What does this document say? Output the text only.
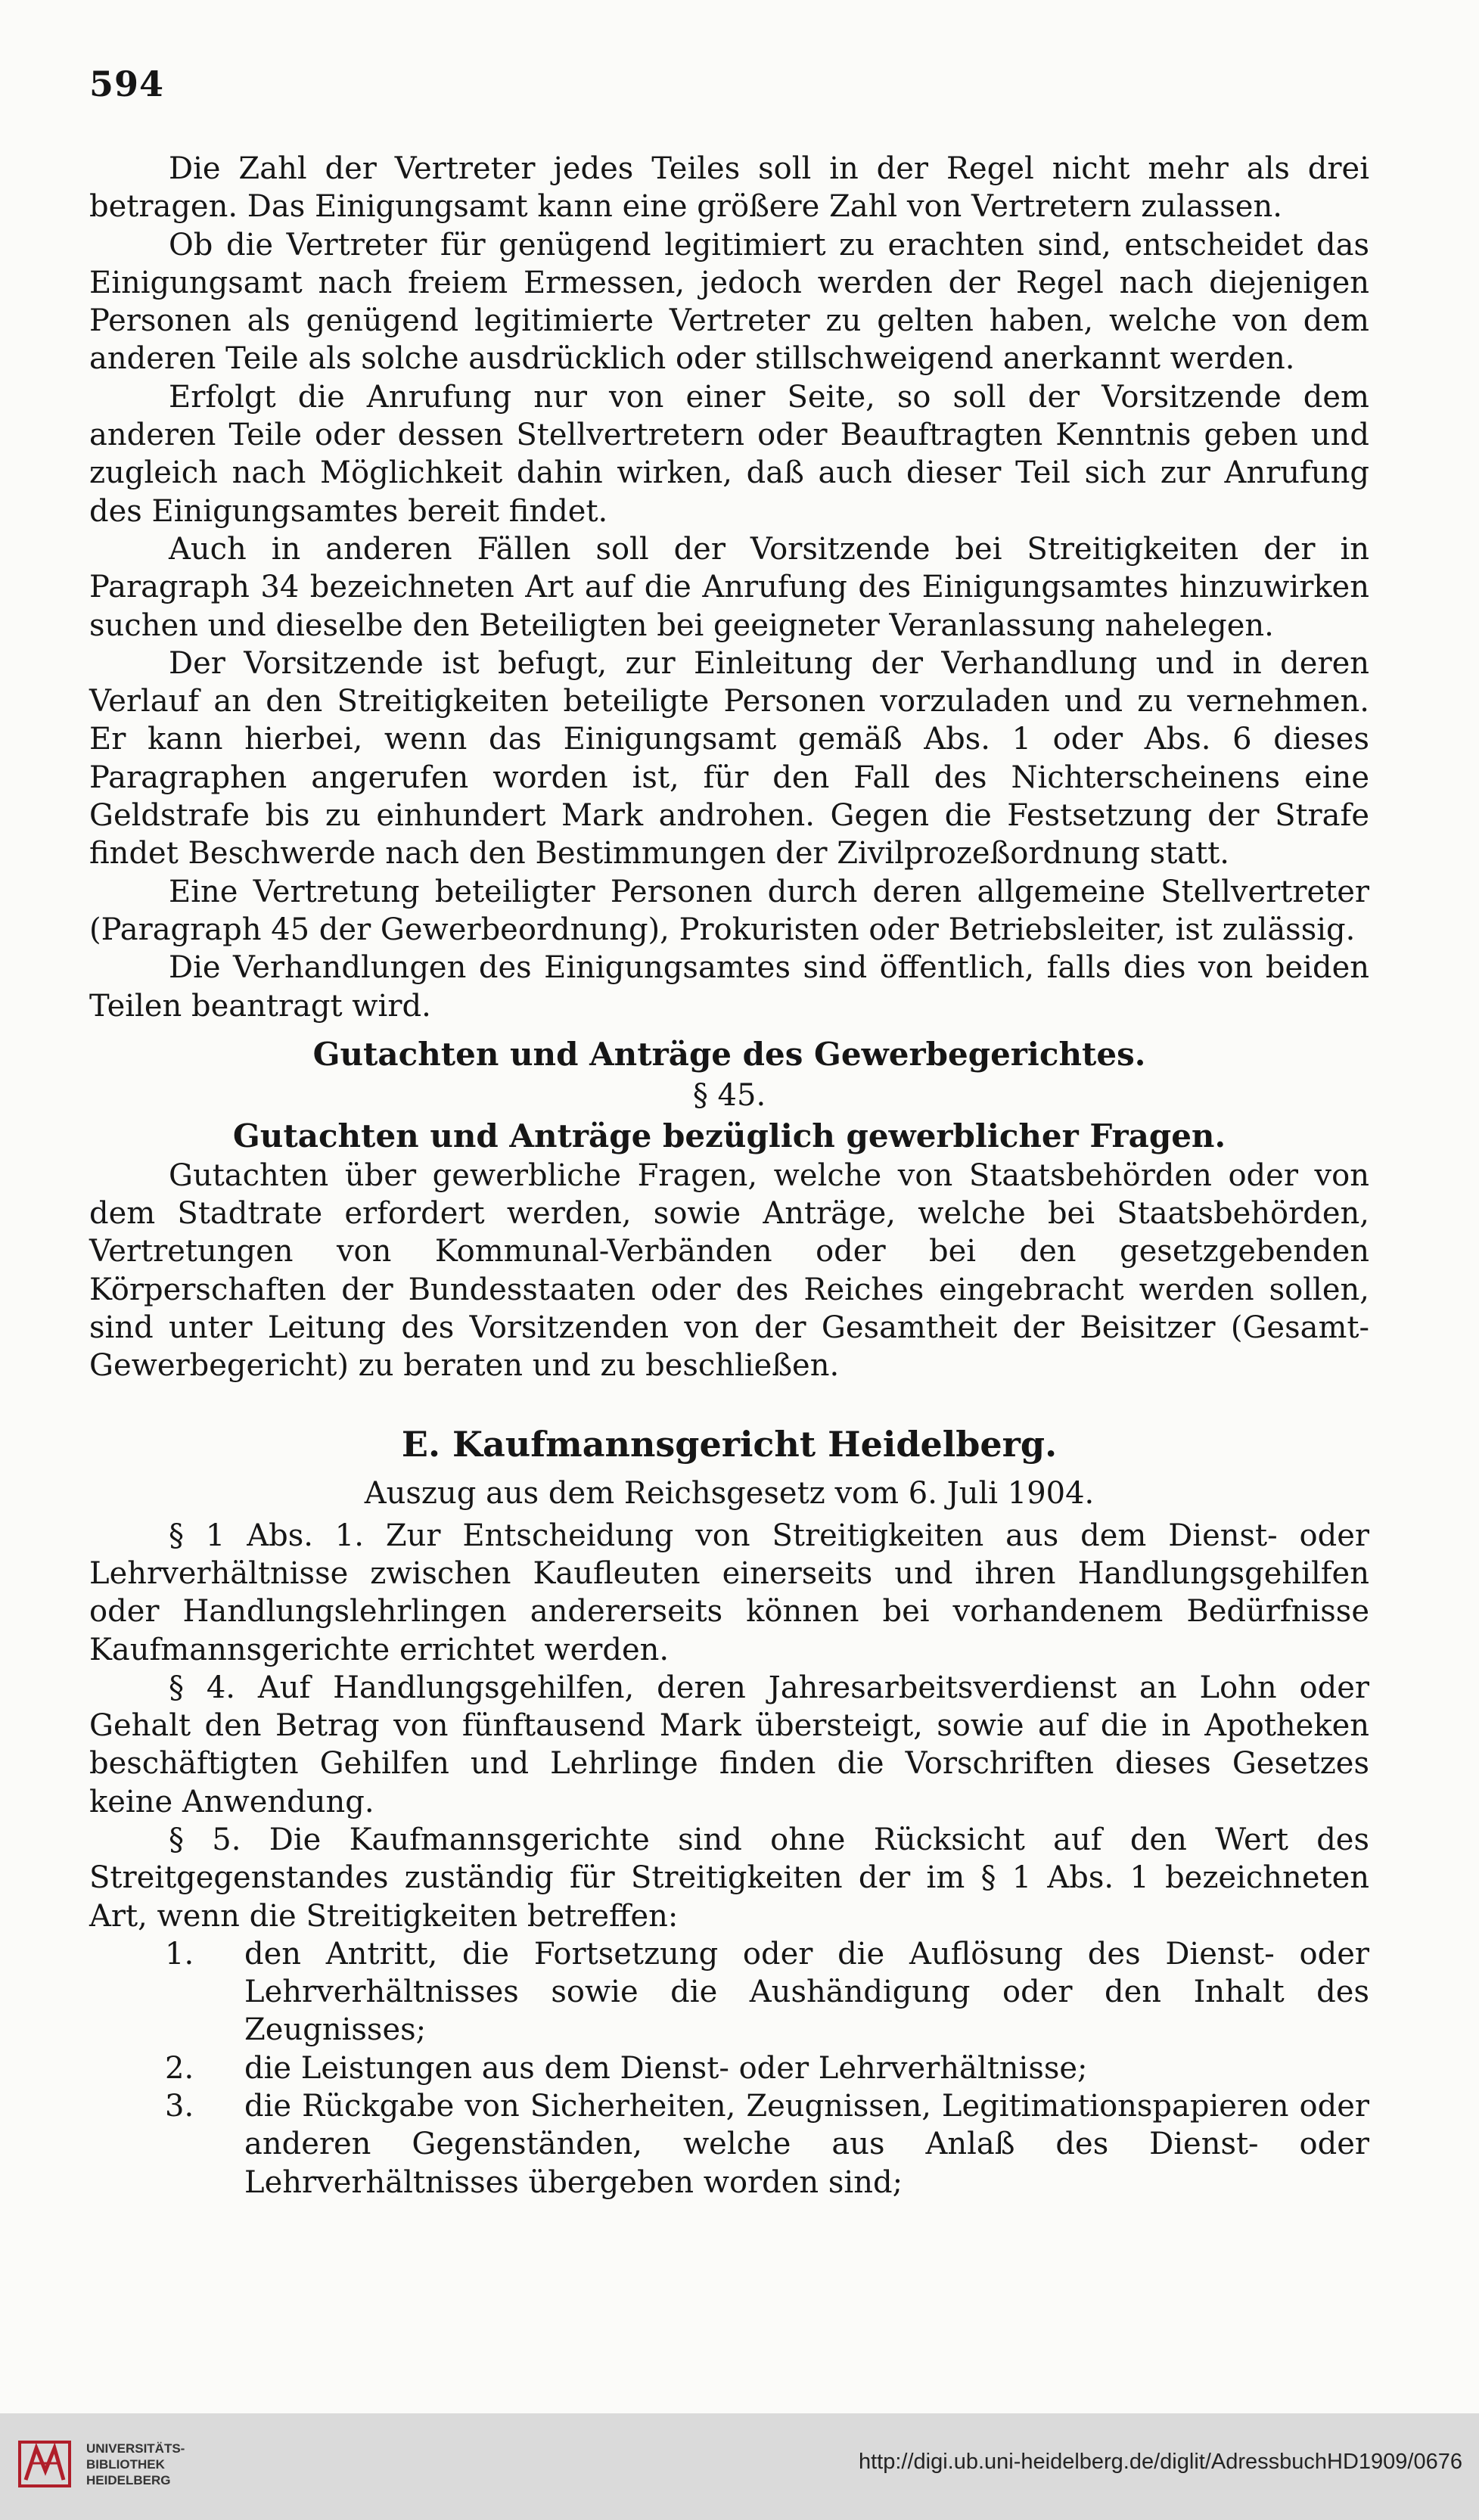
594

Die Zahl der Vertreter jedes Teiles soll in der Regel nicht mehr als drei betragen. Das Einigungsamt kann eine größere Zahl von Vertretern zulassen.

Ob die Vertreter für genügend legitimiert zu erachten sind, entscheidet das Einigungsamt nach freiem Ermessen, jedoch werden der Regel nach diejenigen Personen als genügend legitimierte Vertreter zu gelten haben, welche von dem anderen Teile als solche ausdrücklich oder stillschweigend anerkannt werden.

Erfolgt die Anrufung nur von einer Seite, so soll der Vorsitzende dem anderen Teile oder dessen Stellvertretern oder Beauftragten Kenntnis geben und zugleich nach Möglichkeit dahin wirken, daß auch dieser Teil sich zur Anrufung des Einigungsamtes bereit findet.

Auch in anderen Fällen soll der Vorsitzende bei Streitigkeiten der in Paragraph 34 bezeichneten Art auf die Anrufung des Einigungsamtes hinzuwirken suchen und dieselbe den Beteiligten bei geeigneter Veranlassung nahelegen.

Der Vorsitzende ist befugt, zur Einleitung der Verhandlung und in deren Verlauf an den Streitigkeiten beteiligte Personen vorzuladen und zu vernehmen. Er kann hierbei, wenn das Einigungsamt gemäß Abs. 1 oder Abs. 6 dieses Paragraphen angerufen worden ist, für den Fall des Nichterscheinens eine Geldstrafe bis zu einhundert Mark androhen. Gegen die Festsetzung der Strafe findet Beschwerde nach den Bestimmungen der Zivilprozeßordnung statt.

Eine Vertretung beteiligter Personen durch deren allgemeine Stellvertreter (Paragraph 45 der Gewerbeordnung), Prokuristen oder Betriebsleiter, ist zulässig.

Die Verhandlungen des Einigungsamtes sind öffentlich, falls dies von beiden Teilen beantragt wird.

Gutachten und Anträge des Gewerbegerichtes.

§ 45.

Gutachten und Anträge bezüglich gewerblicher Fragen.

Gutachten über gewerbliche Fragen, welche von Staatsbehörden oder von dem Stadtrate erfordert werden, sowie Anträge, welche bei Staatsbehörden, Vertretungen von Kommunal-Verbänden oder bei den gesetzgebenden Körperschaften der Bundesstaaten oder des Reiches eingebracht werden sollen, sind unter Leitung des Vorsitzenden von der Gesamtheit der Beisitzer (Gesamt-Gewerbegericht) zu beraten und zu beschließen.

E. Kaufmannsgericht Heidelberg.

Auszug aus dem Reichsgesetz vom 6. Juli 1904.

§ 1 Abs. 1. Zur Entscheidung von Streitigkeiten aus dem Dienst- oder Lehrverhältnisse zwischen Kaufleuten einerseits und ihren Handlungsgehilfen oder Handlungslehrlingen andererseits können bei vorhandenem Bedürfnisse Kaufmannsgerichte errichtet werden.

§ 4. Auf Handlungsgehilfen, deren Jahresarbeitsverdienst an Lohn oder Gehalt den Betrag von fünftausend Mark übersteigt, sowie auf die in Apotheken beschäftigten Gehilfen und Lehrlinge finden die Vorschriften dieses Gesetzes keine Anwendung.

§ 5. Die Kaufmannsgerichte sind ohne Rücksicht auf den Wert des Streitgegenstandes zuständig für Streitigkeiten der im § 1 Abs. 1 bezeichneten Art, wenn die Streitigkeiten betreffen:

1.	den Antritt, die Fortsetzung oder die Auflösung des Dienst- oder Lehrverhältnisses sowie die Aushändigung oder den Inhalt des Zeugnisses;
2.	die Leistungen aus dem Dienst- oder Lehrverhältnisse;
3.	die Rückgabe von Sicherheiten, Zeugnissen, Legitimationspapieren oder anderen Gegenständen, welche aus Anlaß des Dienst- oder Lehrverhältnisses übergeben worden sind;
UNIVERSITÄTS-
BIBLIOTHEK
HEIDELBERG
http://digi.ub.uni-heidelberg.de/diglit/AdressbuchHD1909/0676
